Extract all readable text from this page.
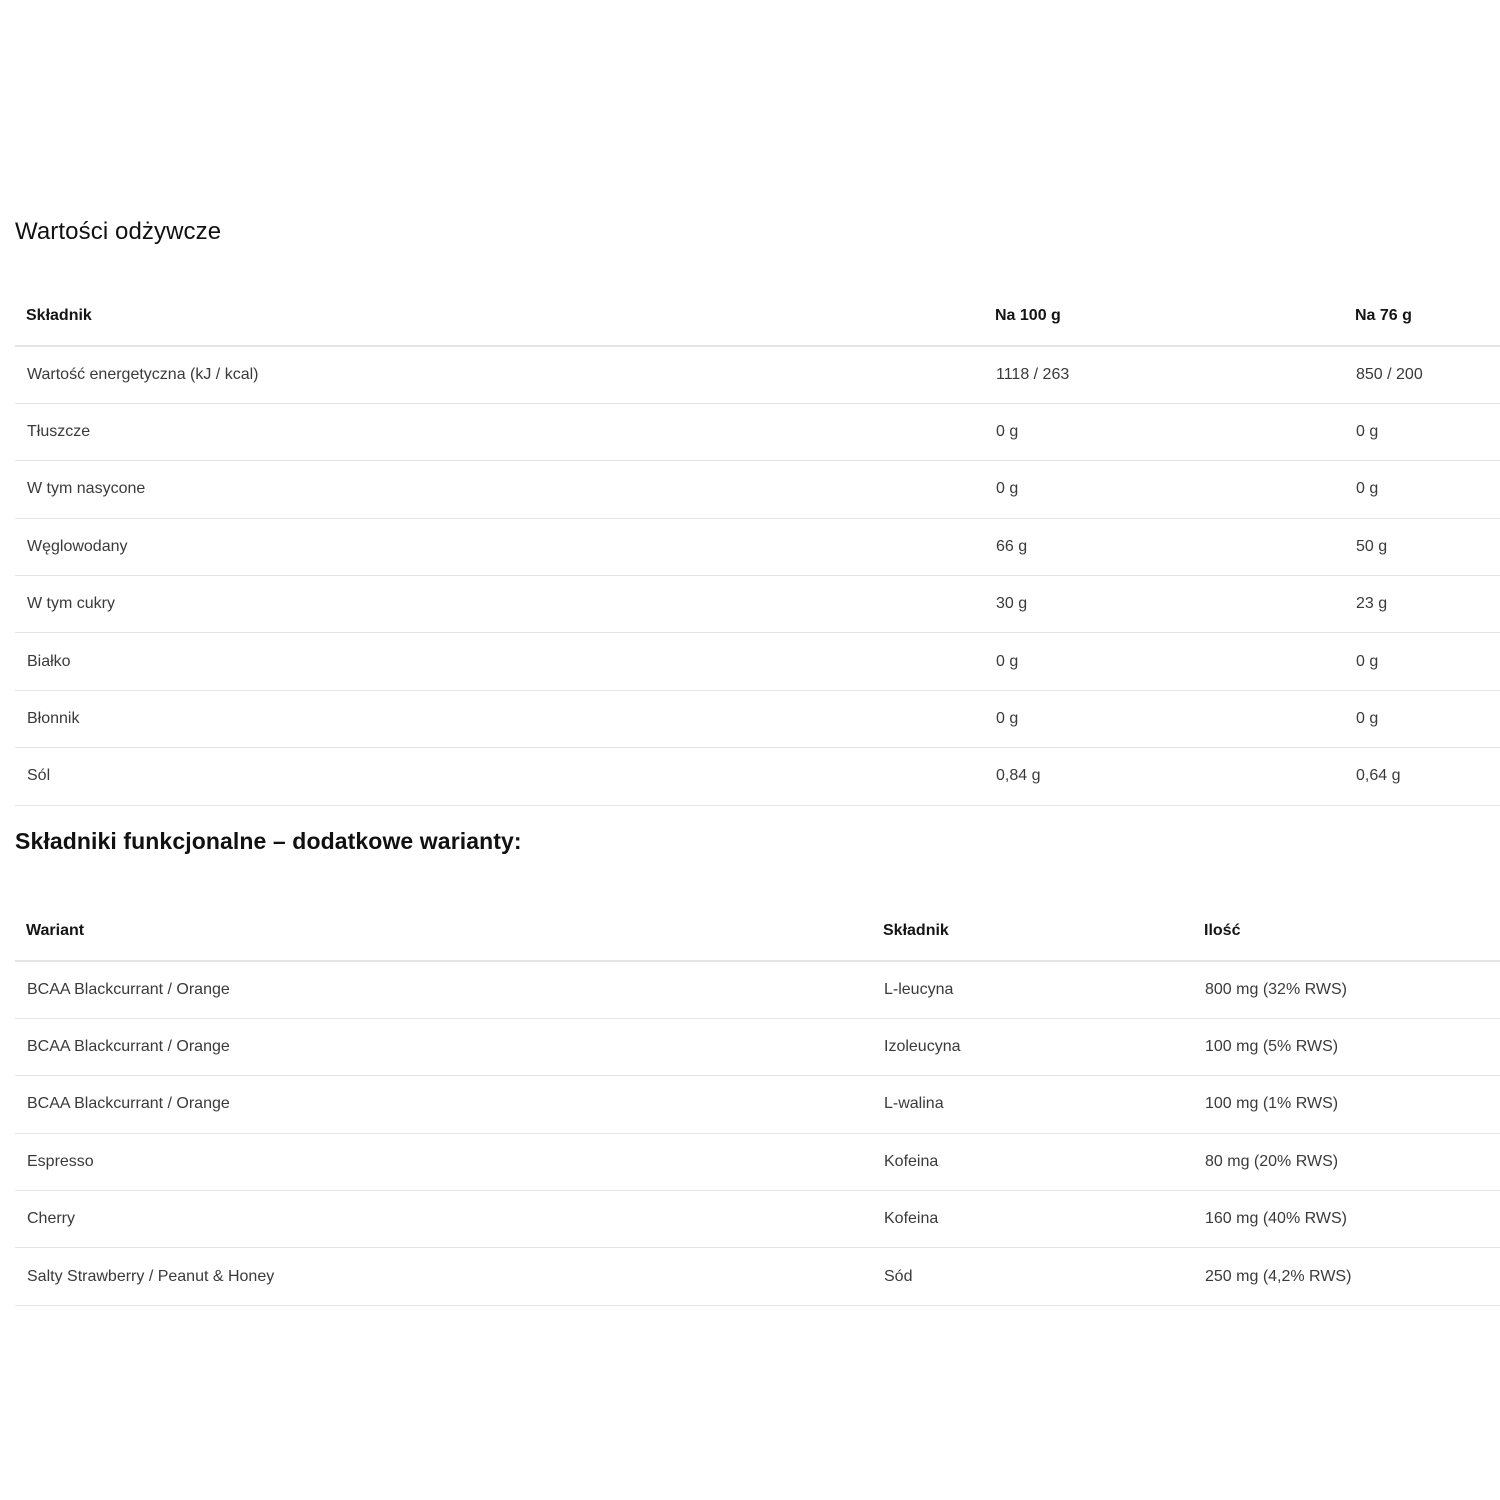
Wartości odżywcze
Składnik	Na 100 g	Na 76 g
Wartość energetyczna (kJ / kcal)	1118 / 263	850 / 200
Tłuszcze	0 g	0 g
W tym nasycone	0 g	0 g
Węglowodany	66 g	50 g
W tym cukry	30 g	23 g
Białko	0 g	0 g
Błonnik	0 g	0 g
Sól	0,84 g	0,64 g
Składniki funkcjonalne – dodatkowe warianty:
Wariant	Składnik	Ilość
BCAA Blackcurrant / Orange	L-leucyna	800 mg (32% RWS)
BCAA Blackcurrant / Orange	Izoleucyna	100 mg (5% RWS)
BCAA Blackcurrant / Orange	L-walina	100 mg (1% RWS)
Espresso	Kofeina	80 mg (20% RWS)
Cherry	Kofeina	160 mg (40% RWS)
Salty Strawberry / Peanut & Honey	Sód	250 mg (4,2% RWS)
